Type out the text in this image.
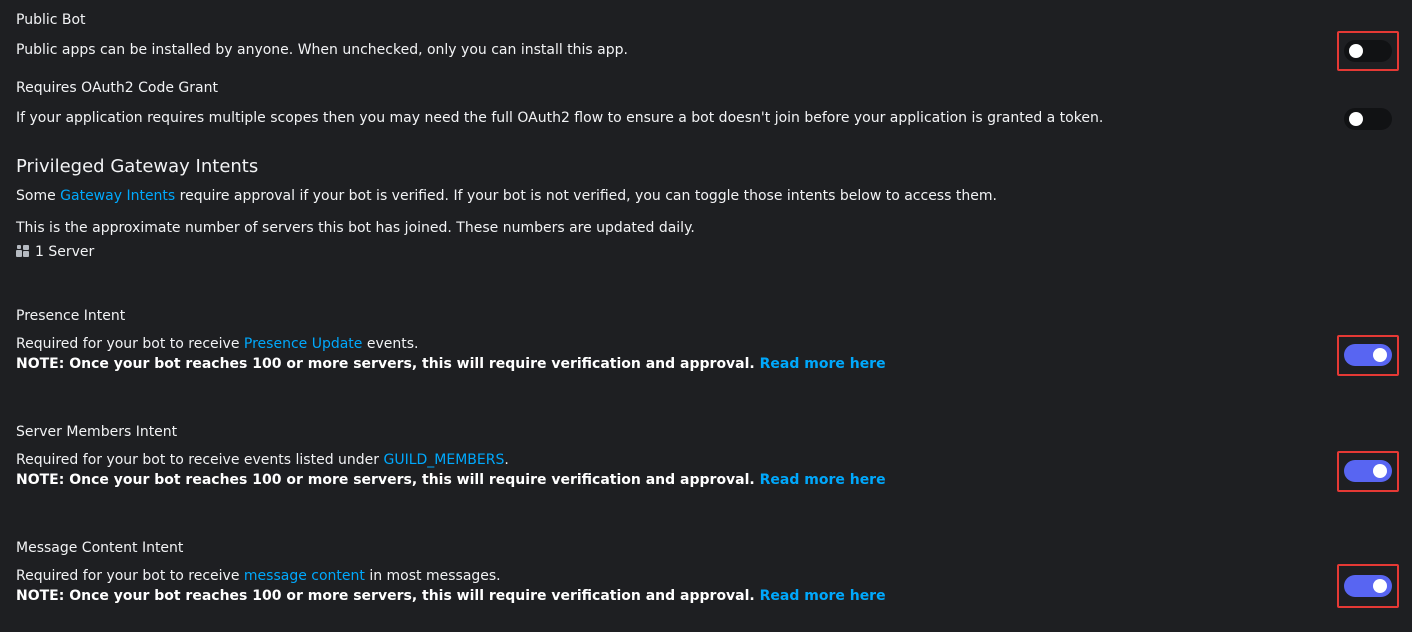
Public Bot
Public apps can be installed by anyone. When unchecked, only you can install this app.
Requires OAuth2 Code Grant
If your application requires multiple scopes then you may need the full OAuth2 flow to ensure a bot doesn't join before your application is granted a token.
Privileged Gateway Intents
Some Gateway Intents require approval if your bot is verified. If your bot is not verified, you can toggle those intents below to access them.
This is the approximate number of servers this bot has joined. These numbers are updated daily.
1 Server
Presence Intent
Required for your bot to receive Presence Update events.
NOTE: Once your bot reaches 100 or more servers, this will require verification and approval. Read more here
Server Members Intent
Required for your bot to receive events listed under GUILD_MEMBERS.
NOTE: Once your bot reaches 100 or more servers, this will require verification and approval. Read more here
Message Content Intent
Required for your bot to receive message content in most messages.
NOTE: Once your bot reaches 100 or more servers, this will require verification and approval. Read more here
